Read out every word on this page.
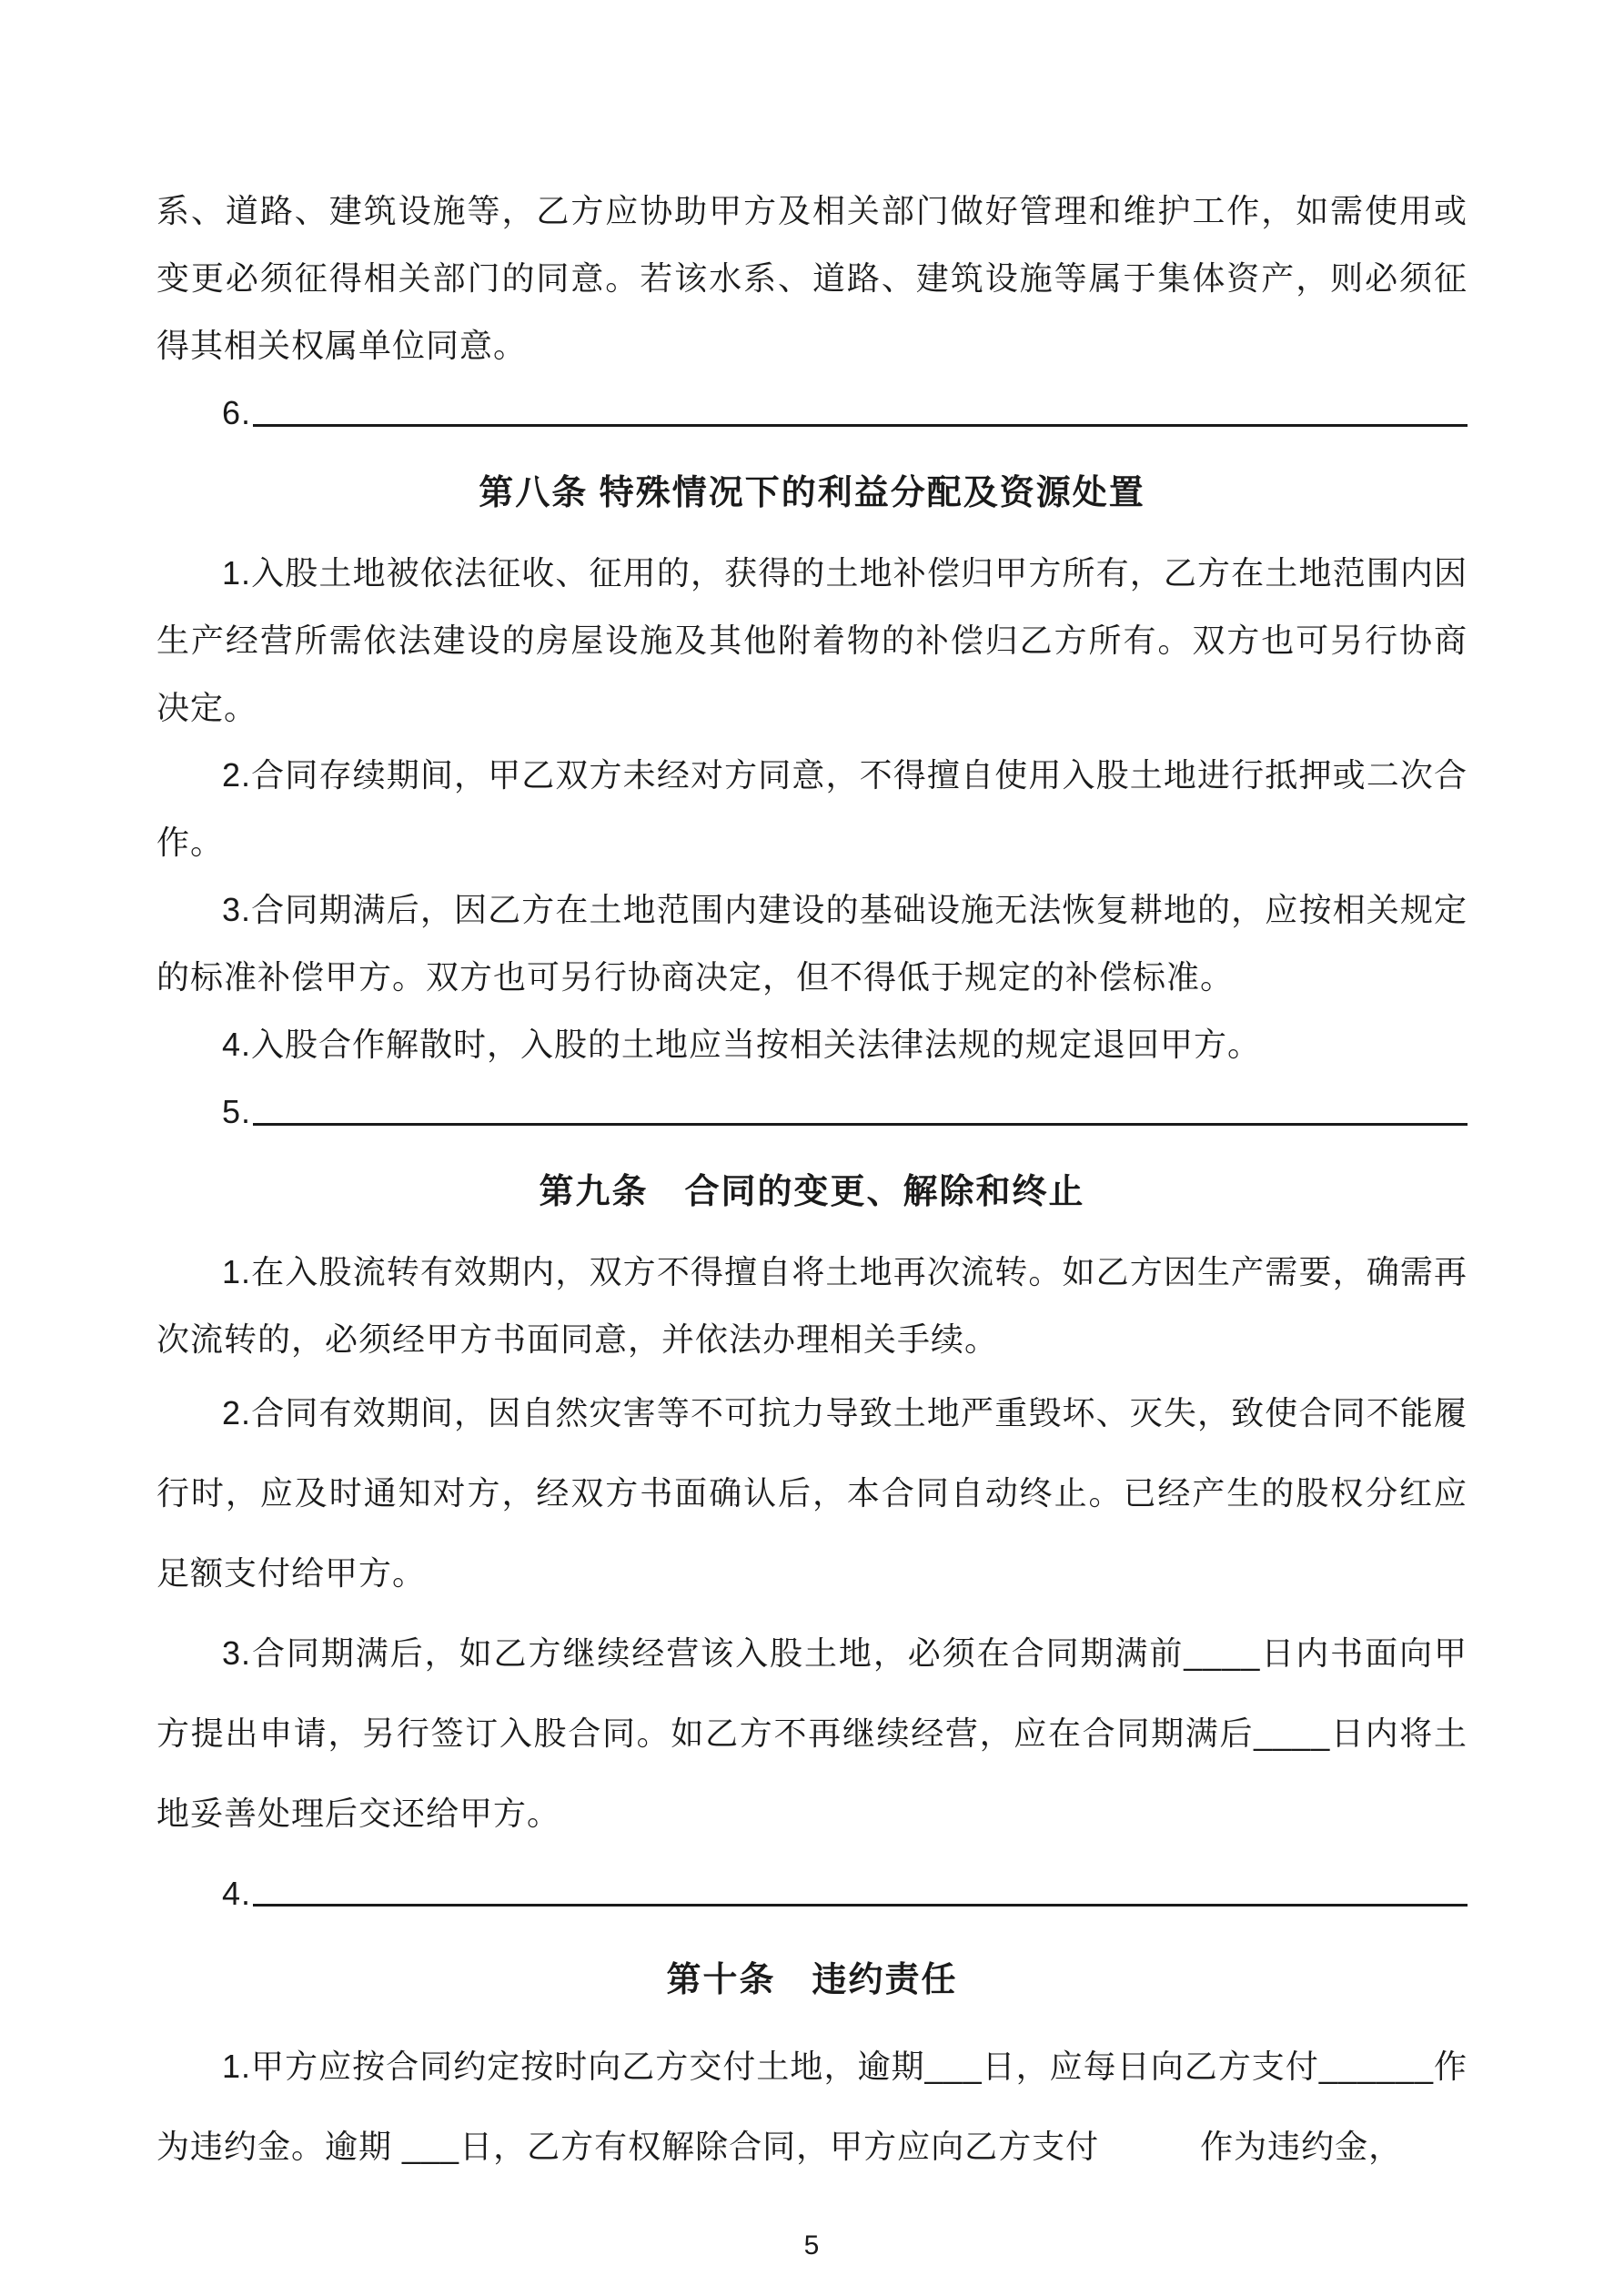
系、道路、建筑设施等，乙方应协助甲方及相关部门做好管理和维护工作，如需使用或变更必须征得相关部门的同意。若该水系、道路、建筑设施等属于集体资产，则必须征得其相关权属单位同意。

6.
第八条 特殊情况下的利益分配及资源处置

1.入股土地被依法征收、征用的，获得的土地补偿归甲方所有，乙方在土地范围内因生产经营所需依法建设的房屋设施及其他附着物的补偿归乙方所有。双方也可另行协商决定。

2.合同存续期间，甲乙双方未经对方同意，不得擅自使用入股土地进行抵押或二次合作。

3.合同期满后，因乙方在土地范围内建设的基础设施无法恢复耕地的，应按相关规定的标准补偿甲方。双方也可另行协商决定，但不得低于规定的补偿标准。

4.入股合作解散时，入股的土地应当按相关法律法规的规定退回甲方。

5.
第九条　合同的变更、解除和终止

1.在入股流转有效期内，双方不得擅自将土地再次流转。如乙方因生产需要，确需再次流转的，必须经甲方书面同意，并依法办理相关手续。

2.合同有效期间，因自然灾害等不可抗力导致土地严重毁坏、灭失，致使合同不能履行时，应及时通知对方，经双方书面确认后，本合同自动终止。已经产生的股权分红应足额支付给甲方。

3.合同期满后，如乙方继续经营该入股土地，必须在合同期满前____日内书面向甲方提出申请，另行签订入股合同。如乙方不再继续经营，应在合同期满后____日内将土地妥善处理后交还给甲方。

4.
第十条　违约责任

1.甲方应按合同约定按时向乙方交付土地，逾期___日，应每日向乙方支付______作为违约金。逾期 ___日，乙方有权解除合同，甲方应向乙方支付　　　作为违约金，

5
